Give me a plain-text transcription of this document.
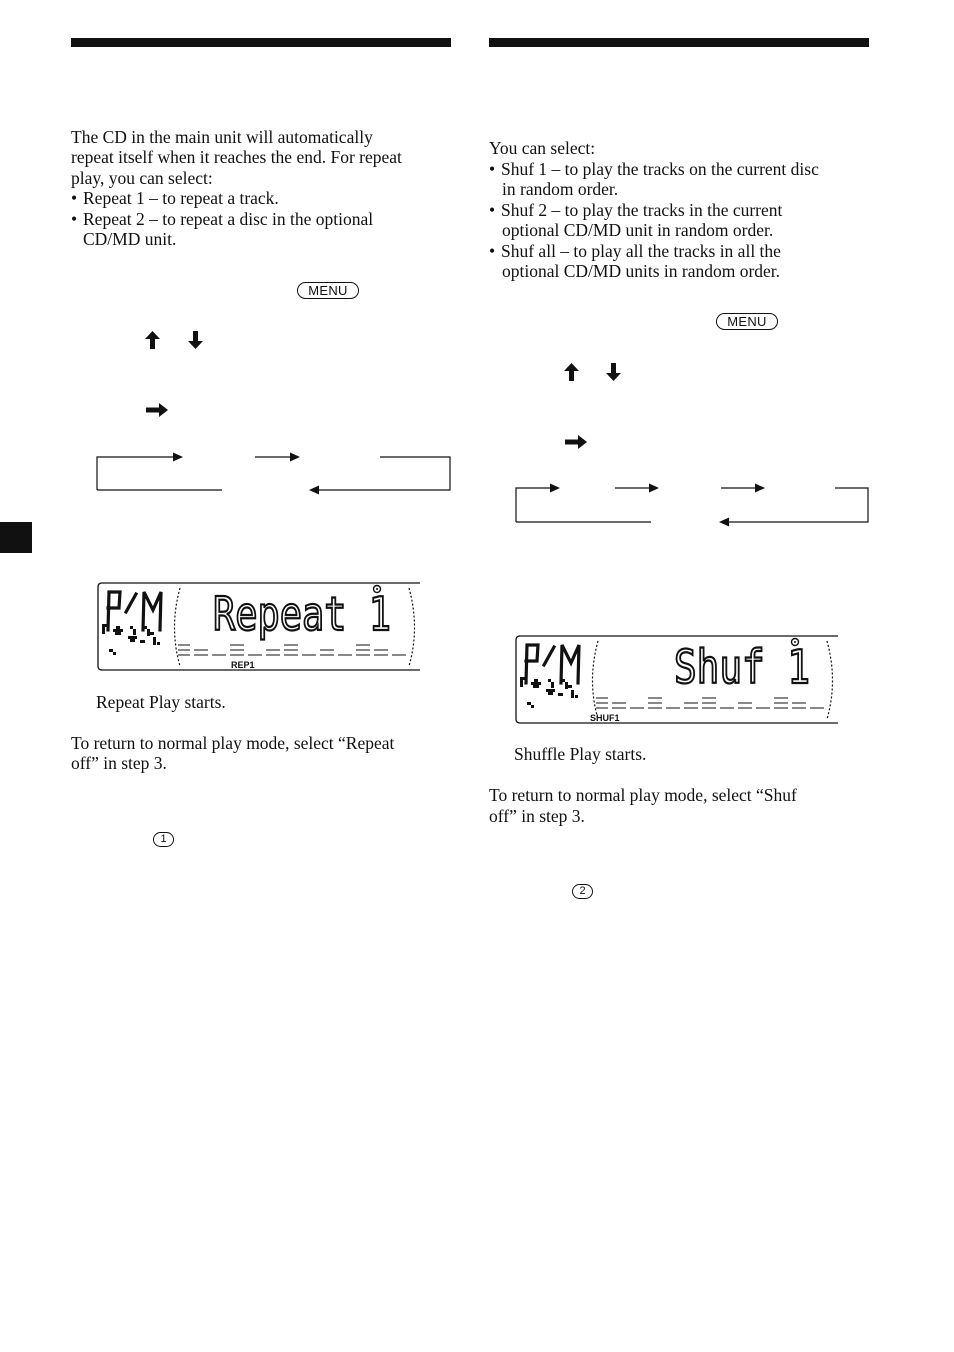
The CD in the main unit will automatically
repeat itself when it reaches the end. For repeat
play, you can select:
• Repeat 1 – to repeat a track.
• Repeat 2 – to repeat a disc in the optional
CD/MD unit.
MENU
Repeat 1
REP1
Repeat Play starts.
To return to normal play mode, select “Repeat
off” in step 3.
1
You can select:
• Shuf 1 – to play the tracks on the current disc
in random order.
• Shuf 2 – to play the tracks in the current
optional CD/MD unit in random order.
• Shuf all – to play all the tracks in all the
optional CD/MD units in random order.
MENU
Shuf 1
SHUF1
Shuffle Play starts.
To return to normal play mode, select “Shuf
off” in step 3.
2
